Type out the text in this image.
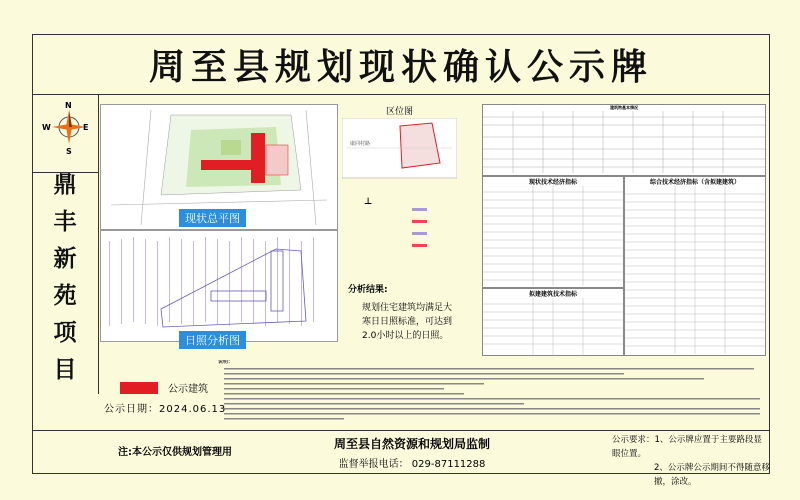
周至县规划现状确认公示牌
N
S
W	E
鼎
丰
新
苑
项
目
现状总平图
区位图
康同村路
⊥
日照分析图
分析结果:
规划住宅建筑均满足大寒日日照标准，可达到2.0小时以上的日照。
建筑物基本情况
现状技术经济指标
拟建建筑技术指标
综合技术经济指标（含拟建建筑）
说明：
公示建筑
公示日期：2024.06.13
注:本公示仅供规划管理用
周至县自然资源和规划局监制
监督举报电话： 029-87111288
公示要求：1、公示牌应置于主要路段显眼位置。
2、公示牌公示期间不得随意移撤，涂改。
